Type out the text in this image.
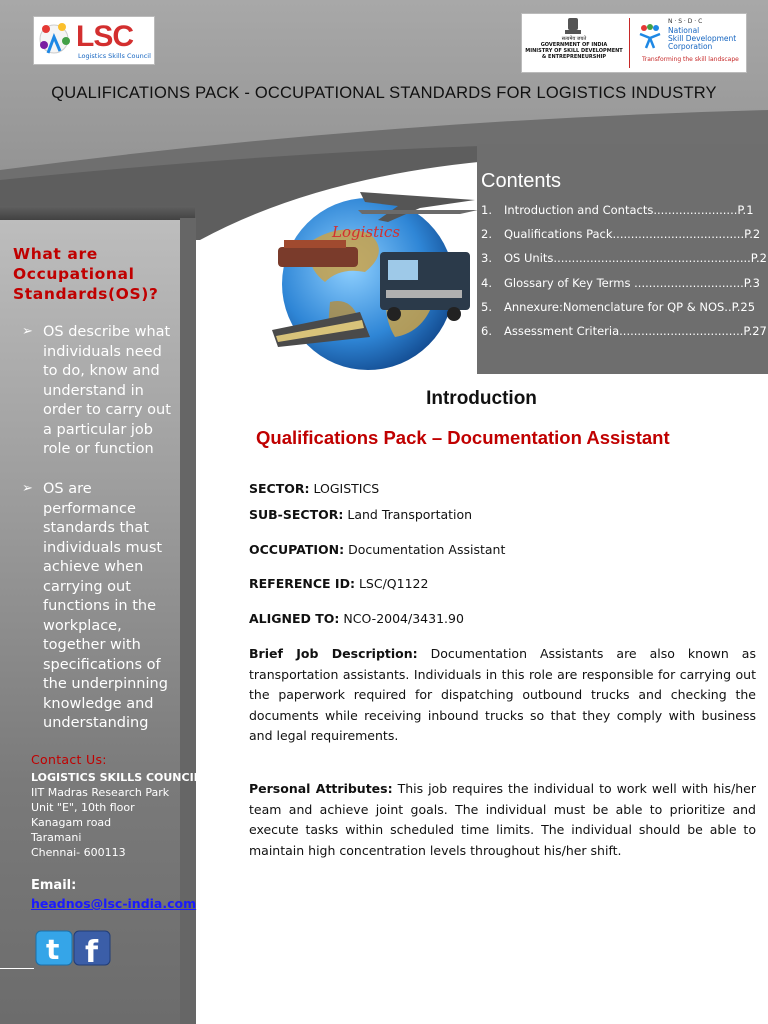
LSC
Logistics Skills Council
सत्यमेव जयते
GOVERNMENT OF INDIA
MINISTRY OF SKILL DEVELOPMENT
& ENTREPRENEURSHIP
N · S · D · C
National
Skill Development
Corporation
Transforming the skill landscape
QUALIFICATIONS PACK - OCCUPATIONAL STANDARDS FOR LOGISTICS INDUSTRY
What are
Occupational
Standards(OS)?
➢ OS describe what individuals need to do, know and understand in order to carry out a particular job role or function
➢ OS are performance standards that individuals must achieve when carrying out functions in the workplace, together with specifications of the underpinning knowledge and understanding
Contact Us:
LOGISTICS SKILLS COUNCIL
IIT Madras Research Park
Unit "E", 10th floor
Kanagam road
Taramani
Chennai- 600113
Email:
headnos@lsc-india.com
t f
Logistics
Contents
1. Introduction and Contacts.......................P.1
2. Qualifications Pack....................................P.2
3. OS Units......................................................P.2
4. Glossary of Key Terms ..............................P.3
5. Annexure:Nomenclature for QP & NOS..P.25
6. Assessment Criteria..................................P.27
Introduction
Qualifications Pack – Documentation Assistant
SECTOR: LOGISTICS
SUB-SECTOR: Land Transportation
OCCUPATION: Documentation Assistant
REFERENCE ID: LSC/Q1122
ALIGNED TO: NCO-2004/3431.90
Brief Job Description: Documentation Assistants are also known as transportation assistants. Individuals in this role are responsible for carrying out the paperwork required for dispatching outbound trucks and checking the documents while receiving inbound trucks so that they comply with business and legal requirements.
Personal Attributes: This job requires the individual to work well with his/her team and achieve joint goals. The individual must be able to prioritize and execute tasks within scheduled time limits. The individual should be able to maintain high concentration levels throughout his/her shift.
